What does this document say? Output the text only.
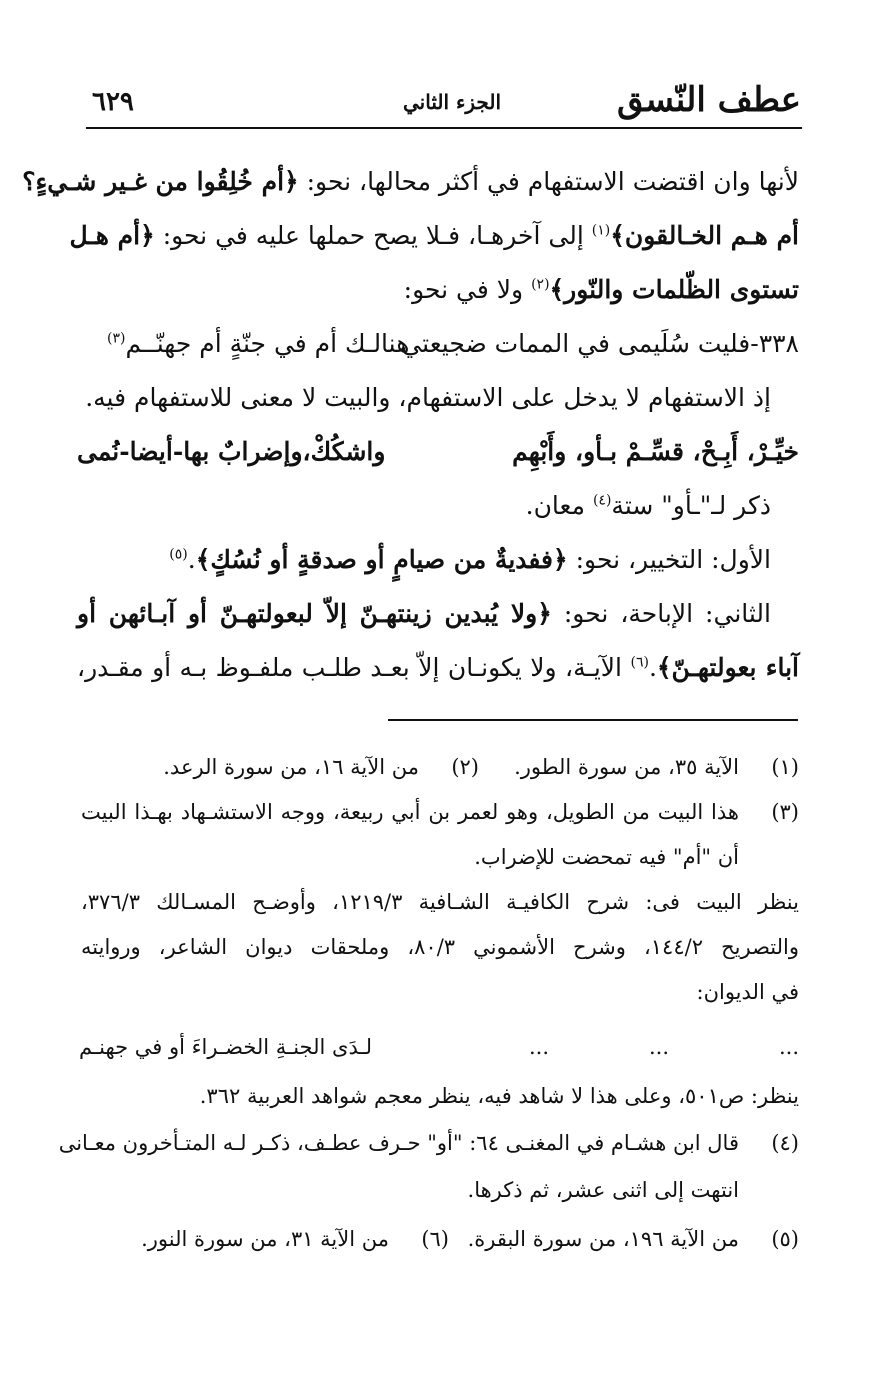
عطف النّسق
الجزء الثاني
٦٢٩
لأنها وان اقتضت الاستفهام في أكثر محالها، نحو: ﴿أم خُلِقُوا من غـير شـيءٍ؟
أم هـم الخـالقون﴾$^{(١)}$ إلى آخرهـا، فـلا يصح حملها عليه في نحو: ﴿أم هـل
تستوى الظّلمات والنّور﴾$^{(٢)}$ ولا في نحو:
٣٣٨-فليت سُلَيمى في الممات ضجيعتي
هنالـك أم في جنّةٍ أم جهنّــم$^{(٣)}$
إذ الاستفهام لا يدخل على الاستفهام، والبيت لا معنى للاستفهام فيه.
خيِّـرْ، أَبِـحْ، قسِّـمْ بـأو، وأَبْهِم
واشكُكْ،وإضرابٌ بها-أيضا-نُمى
ذكر لـ"ـأو" ستة$^{(٤)}$ معان.
الأول: التخيير، نحو: ﴿ففديةٌ من صيامٍ أو صدقةٍ أو نُسُكٍ﴾.$^{(٥)}$
الثاني: الإباحة، نحو: ﴿ولا يُبدين زينتهـنّ إلاّ لبعولتهـنّ أو آبـائهن أو
آباء بعولتهـنّ﴾.$^{(٦)}$ الآيـة، ولا يكونـان إلاّ بعـد طلـب ملفـوظ بـه أو مقـدر،
(١)
الآية ٣٥، من سورة الطور.
(٢)
من الآية ١٦، من سورة الرعد.
(٣)
هذا البيت من الطويل، وهو لعمر بن أبي ربيعة، ووجه الاستشـهاد بهـذا البيت
أن "أم" فيه تمحضت للإضراب.
ينظر البيت فى: شرح الكافيـة الشـافية ١٢١٩/٣، وأوضـح المسـالك ٣٧٦/٣،
والتصريح ١٤٤/٢، وشرح الأشموني ٨٠/٣، وملحقات ديوان الشاعر، وروايته
في الديوان:
...
...
...
لـدَى الجنـةِ الخضـراءَ أو في جهنـم
ينظر: ص٥٠١، وعلى هذا لا شاهد فيه، ينظر معجم شواهد العربية ٣٦٢.
(٤)
قال ابن هشـام في المغنـى ٦٤: "أو" حـرف عطـف، ذكـر لـه المتـأخرون معـانى
انتهت إلى اثنى عشر، ثم ذكرها.
(٥)
من الآية ١٩٦، من سورة البقرة.
(٦)
من الآية ٣١، من سورة النور.
